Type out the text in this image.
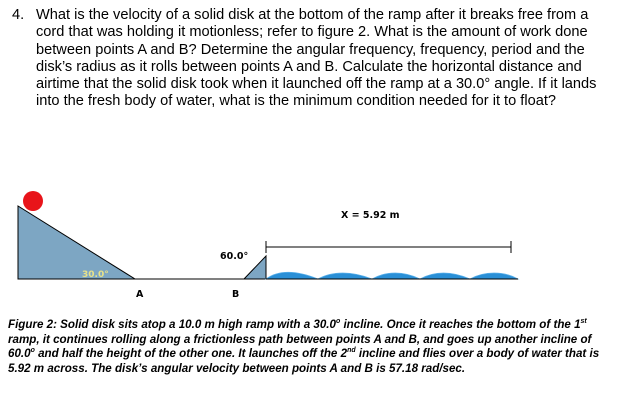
4. What is the velocity of a solid disk at the bottom of the ramp after it breaks free from a cord that was holding it motionless; refer to figure 2. What is the amount of work done between points A and B? Determine the angular frequency, frequency, period and the disk’s radius as it rolls between points A and B. Calculate the horizontal distance and airtime that the solid disk took when it launched off the ramp at a 30.0° angle. If it lands into the fresh body of water, what is the minimum condition needed for it to float?
X = 5.92 m
30.0°
60.0°
A	B
Figure 2: Solid disk sits atop a 10.0 m high ramp with a 30.0$^o$ incline. Once it reaches the bottom of the 1st ramp, it continues rolling along a frictionless path between points A and B, and goes up another incline of 60.0$^o$ and half the height of the other one. It launches off the 2nd incline and flies over a body of water that is 5.92 m across. The disk’s angular velocity between points A and B is 57.18 rad/sec.
